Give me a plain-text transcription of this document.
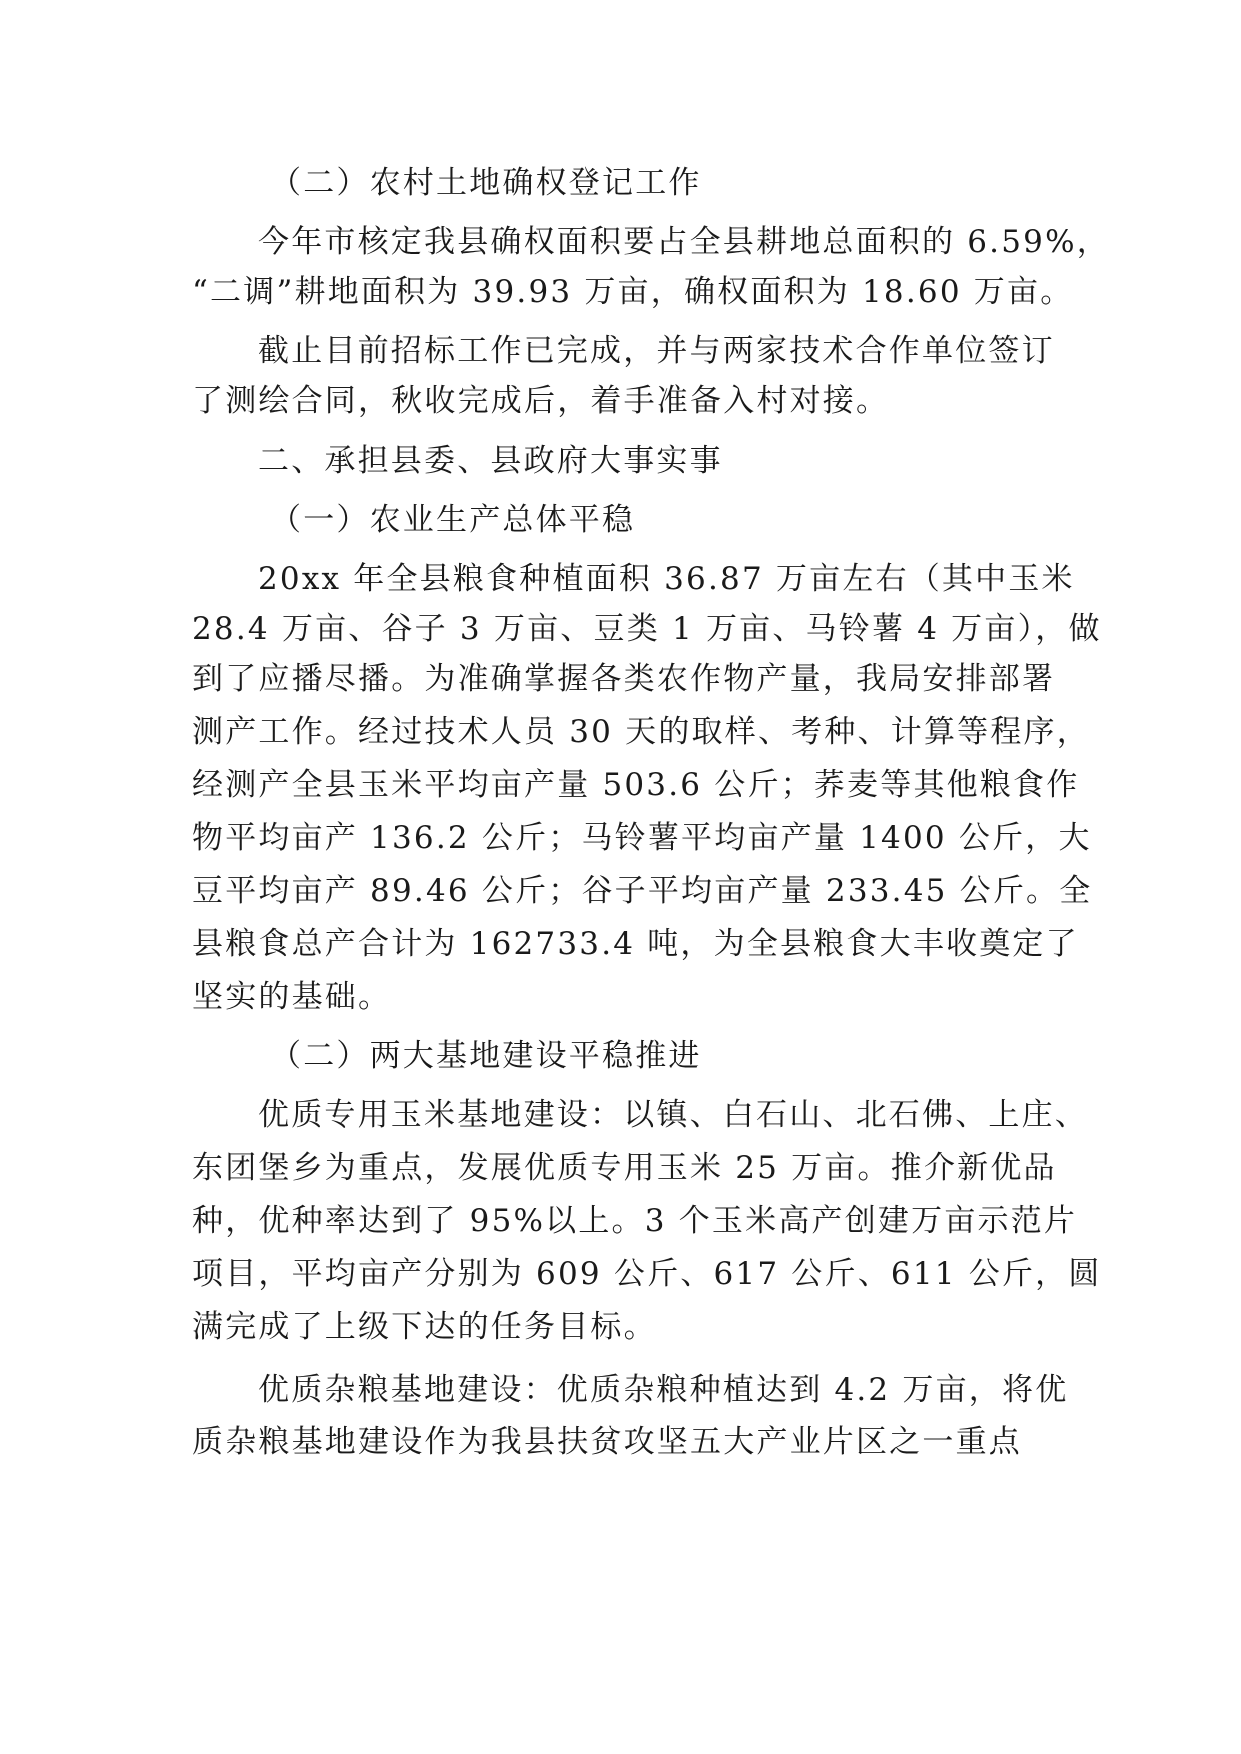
（二）农村土地确权登记工作
今年市核定我县确权面积要占全县耕地总面积的 6.59%，
“二调”耕地面积为 39.93 万亩，确权面积为 18.60 万亩。
截止目前招标工作已完成，并与两家技术合作单位签订
了测绘合同，秋收完成后，着手准备入村对接。
二、承担县委、县政府大事实事
（一）农业生产总体平稳
20xx 年全县粮食种植面积 36.87 万亩左右（其中玉米
28.4 万亩、谷子 3 万亩、豆类 1 万亩、马铃薯 4 万亩），做
到了应播尽播。为准确掌握各类农作物产量，我局安排部署
测产工作。经过技术人员 30 天的取样、考种、计算等程序，
经测产全县玉米平均亩产量 503.6 公斤；荞麦等其他粮食作
物平均亩产 136.2 公斤；马铃薯平均亩产量 1400 公斤，大
豆平均亩产 89.46 公斤；谷子平均亩产量 233.45 公斤。全
县粮食总产合计为 162733.4 吨，为全县粮食大丰收奠定了
坚实的基础。
（二）两大基地建设平稳推进
优质专用玉米基地建设：以镇、白石山、北石佛、上庄、
东团堡乡为重点，发展优质专用玉米 25 万亩。推介新优品
种，优种率达到了 95%以上。3 个玉米高产创建万亩示范片
项目，平均亩产分别为 609 公斤、617 公斤、611 公斤，圆
满完成了上级下达的任务目标。
优质杂粮基地建设：优质杂粮种植达到 4.2 万亩，将优
质杂粮基地建设作为我县扶贫攻坚五大产业片区之一重点
